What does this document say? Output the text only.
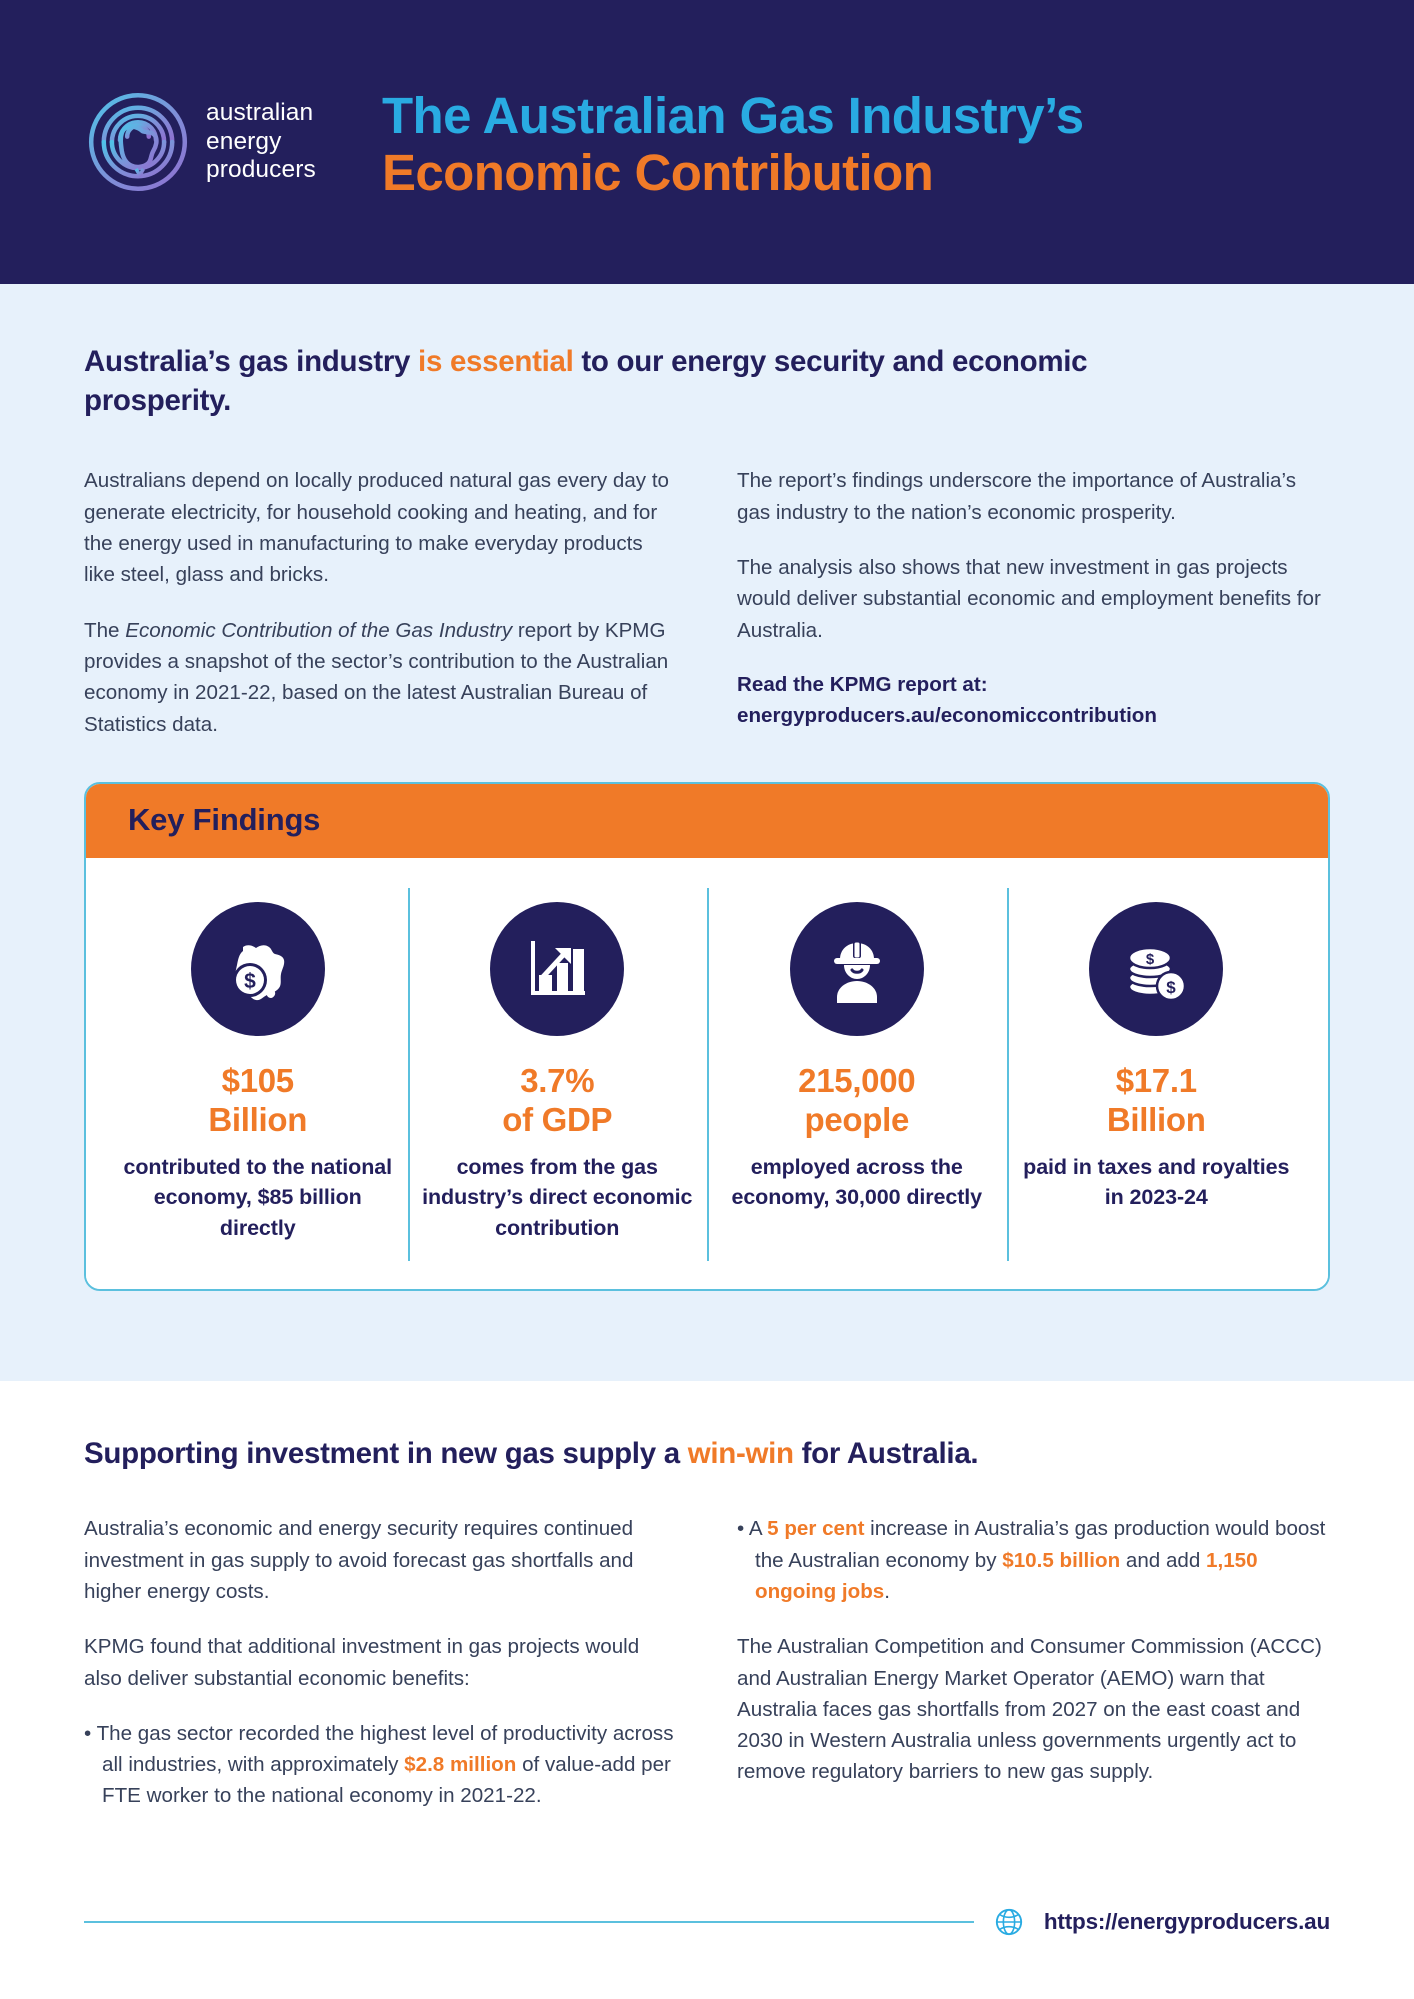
australian
energy
producers
The Australian Gas Industry’s
Economic Contribution
Australia’s gas industry is essential to our energy security and economic prosperity.

Australians depend on locally produced natural gas every day to generate electricity, for household cooking and heating, and for the energy used in manufacturing to make everyday products like steel, glass and bricks.

The Economic Contribution of the Gas Industry report by KPMG provides a snapshot of the sector’s contribution to the Australian economy in 2021-22, based on the latest Australian Bureau of Statistics data.

The report’s findings underscore the importance of Australia’s gas industry to the nation’s economic prosperity.

The analysis also shows that new investment in gas projects would deliver substantial economic and employment benefits for Australia.

Read the KPMG report at:
energyproducers.au/economiccontribution
Key Findings
$
$105
Billion
contributed to the national economy, $85 billion directly
3.7%
of GDP
comes from the gas industry’s direct economic contribution
215,000
people
employed across the economy, 30,000 directly
$
$
$17.1
Billion
paid in taxes and royalties in 2023-24
Supporting investment in new gas supply a win-win for Australia.

Australia’s economic and energy security requires continued investment in gas supply to avoid forecast gas shortfalls and higher energy costs.

KPMG found that additional investment in gas projects would also deliver substantial economic benefits:

• The gas sector recorded the highest level of productivity across all industries, with approximately $2.8 million of value-add per FTE worker to the national economy in 2021-22.
• A 5 per cent increase in Australia’s gas production would boost the Australian economy by $10.5 billion and add 1,150 ongoing jobs.

The Australian Competition and Consumer Commission (ACCC) and Australian Energy Market Operator (AEMO) warn that Australia faces gas shortfalls from 2027 on the east coast and 2030 in Western Australia unless governments urgently act to remove regulatory barriers to new gas supply.

https://energyproducers.au
